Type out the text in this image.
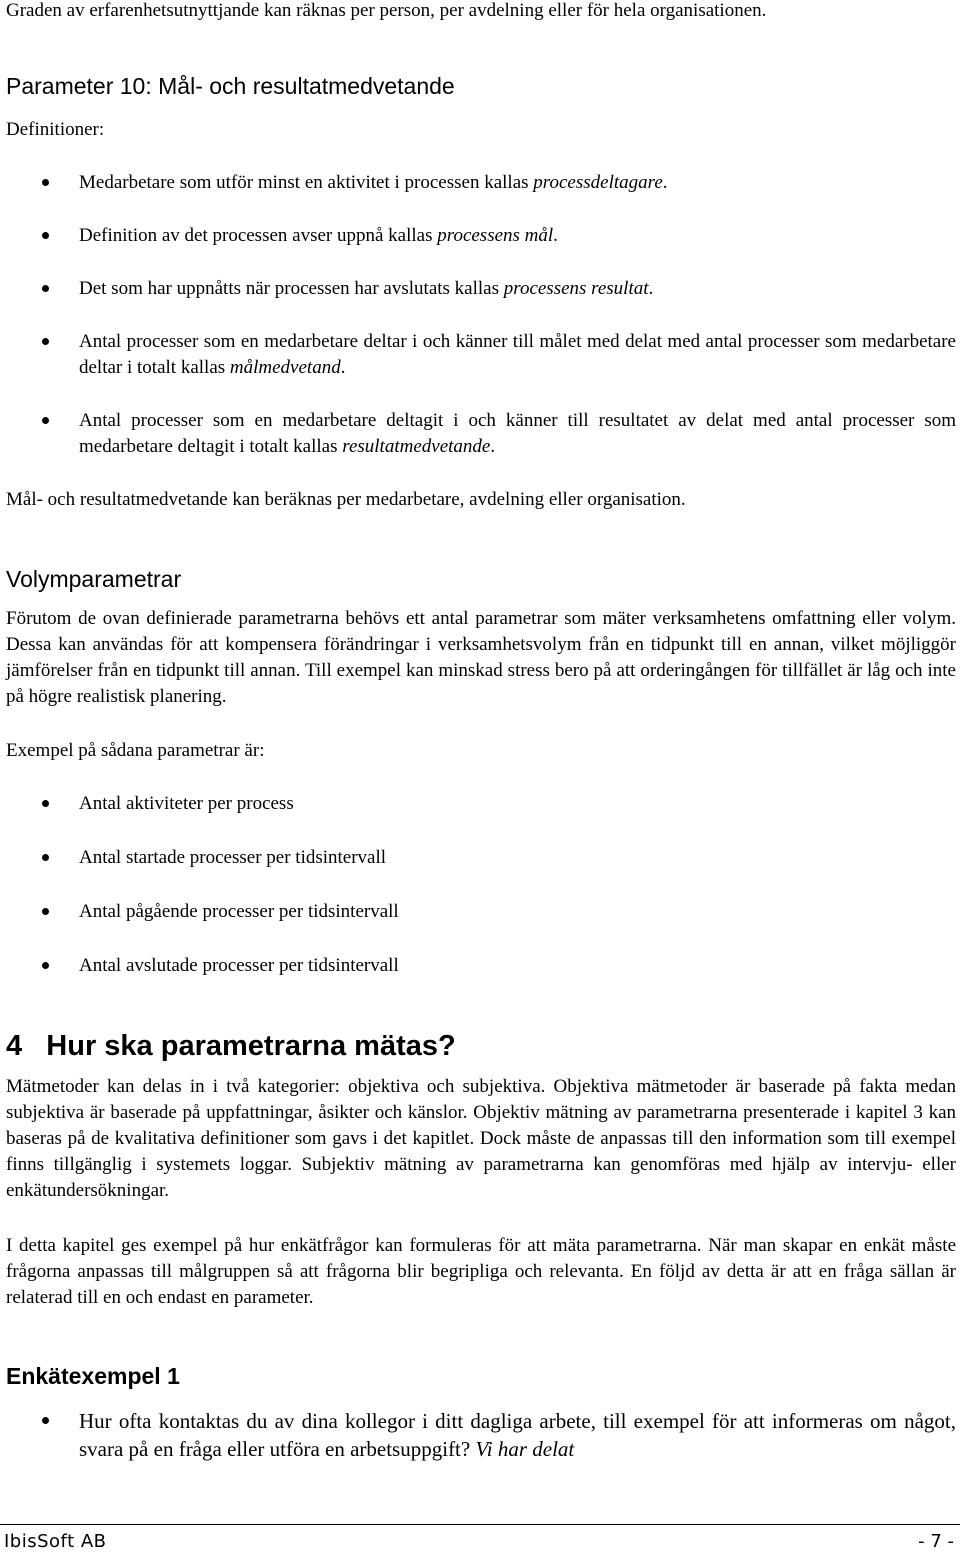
Graden av erfarenhetsutnyttjande kan räknas per person, per avdelning eller för hela organisationen.

Parameter 10: Mål- och resultatmedvetande

Definitioner:

Medarbetare som utför minst en aktivitet i processen kallas processdeltagare.
Definition av det processen avser uppnå kallas processens mål.
Det som har uppnåtts när processen har avslutats kallas processens resultat.
Antal processer som en medarbetare deltar i och känner till målet med delat med antal processer som medarbetare deltar i totalt kallas målmedvetand.
Antal processer som en medarbetare deltagit i och känner till resultatet av delat med antal processer som medarbetare deltagit i totalt kallas resultatmedvetande.

Mål- och resultatmedvetande kan beräknas per medarbetare, avdelning eller organisation.

Volymparametrar

Förutom de ovan definierade parametrarna behövs ett antal parametrar som mäter verksamhetens omfattning eller volym. Dessa kan användas för att kompensera förändringar i verksamhetsvolym från en tidpunkt till en annan, vilket möjliggör jämförelser från en tidpunkt till annan. Till exempel kan minskad stress bero på att orderingången för tillfället är låg och inte på högre realistisk planering.

Exempel på sådana parametrar är:

Antal aktiviteter per process
Antal startade processer per tidsintervall
Antal pågående processer per tidsintervall
Antal avslutade processer per tidsintervall
4   Hur ska parametrarna mätas?

Mätmetoder kan delas in i två kategorier: objektiva och subjektiva. Objektiva mätmetoder är baserade på fakta medan subjektiva är baserade på uppfattningar, åsikter och känslor. Objektiv mätning av parametrarna presenterade i kapitel 3 kan baseras på de kvalitativa definitioner som gavs i det kapitlet. Dock måste de anpassas till den information som till exempel finns tillgänglig i systemets loggar. Subjektiv mätning av parametrarna kan genomföras med hjälp av intervju- eller enkätundersökningar.

I detta kapitel ges exempel på hur enkätfrågor kan formuleras för att mäta parametrarna. När man skapar en enkät måste frågorna anpassas till målgruppen så att frågorna blir begripliga och relevanta. En följd av detta är att en fråga sällan är relaterad till en och endast en parameter.

Enkätexempel 1
Hur ofta kontaktas du av dina kollegor i ditt dagliga arbete, till exempel för att informeras om något, svara på en fråga eller utföra en arbetsuppgift? Vi har delat
IbisSoft AB	- 7 -
